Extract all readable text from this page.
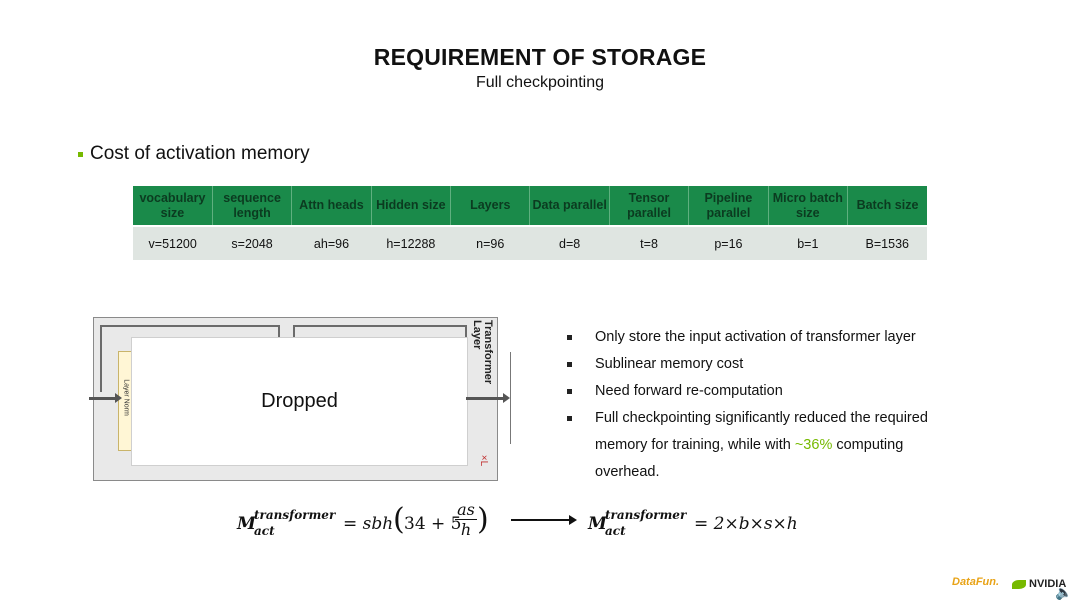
REQUIREMENT OF STORAGE
Full checkpointing
Cost of activation memory
vocabulary size	sequence length	Attn heads	Hidden size	Layers	Data parallel	Tensor parallel	Pipeline parallel	Micro batch size	Batch size
v=51200	s=2048	ah=96	h=12288	n=96	d=8	t=8	p=16	b=1	B=1536
Layer Norm	Dropped
Transformer Layer
×L
Only store the input activation of transformer layer
Sublinear memory cost
Need forward re-computation
Full checkpointing significantly reduced the required memory for training, while with ~36% computing overhead.
M
transformer
act	= sbh ( 34 + 5
$\frac{as}{h}$ )	M
transformer
act	= 2×b×s×h
DataFun.	NVIDIA
🔈
